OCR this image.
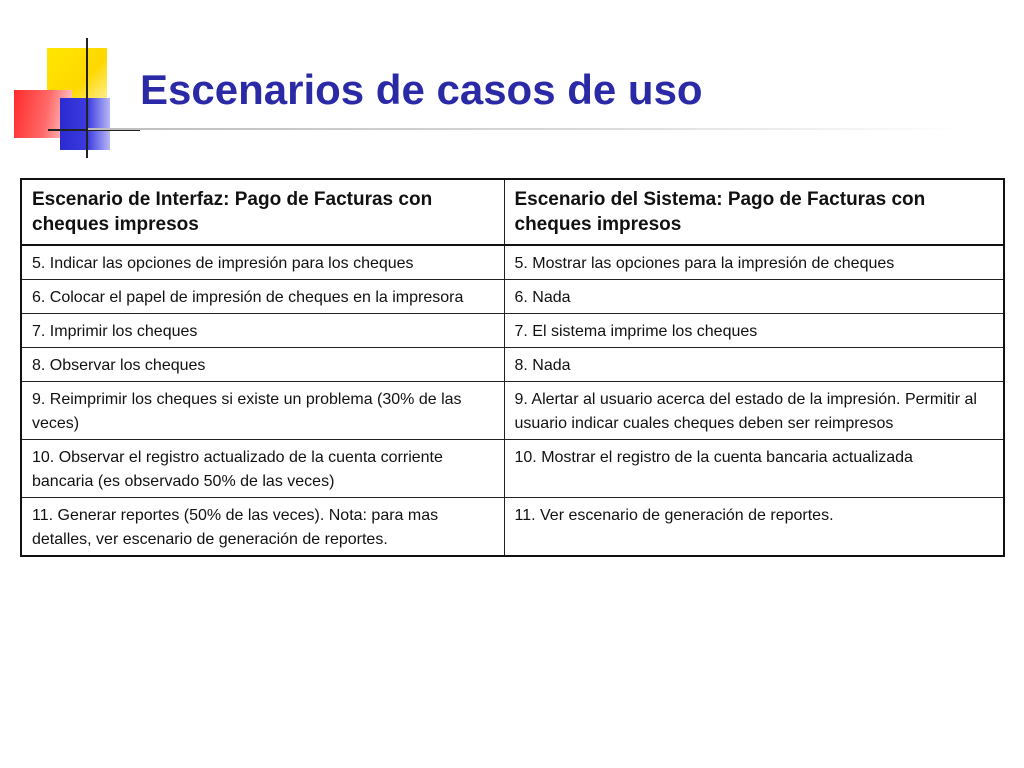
Escenarios de casos de uso
Escenario de Interfaz: Pago de Facturas con cheques impresos	Escenario del Sistema: Pago de Facturas con cheques impresos
5. Indicar las opciones de impresión para los cheques	5. Mostrar las opciones para la impresión de cheques
6. Colocar el papel de impresión de cheques en la impresora	6. Nada
7. Imprimir los cheques	7. El sistema imprime los cheques
8. Observar los cheques	8. Nada
9. Reimprimir los cheques si existe un problema (30% de las veces)	9. Alertar al usuario acerca del estado de la impresión. Permitir al usuario indicar cuales cheques deben ser reimpresos
10. Observar el registro actualizado de la cuenta corriente bancaria (es observado 50% de las veces)	10. Mostrar el registro de la cuenta bancaria actualizada
11. Generar reportes (50% de las veces). Nota: para mas detalles, ver escenario de generación de reportes.	11. Ver escenario de generación de reportes.
